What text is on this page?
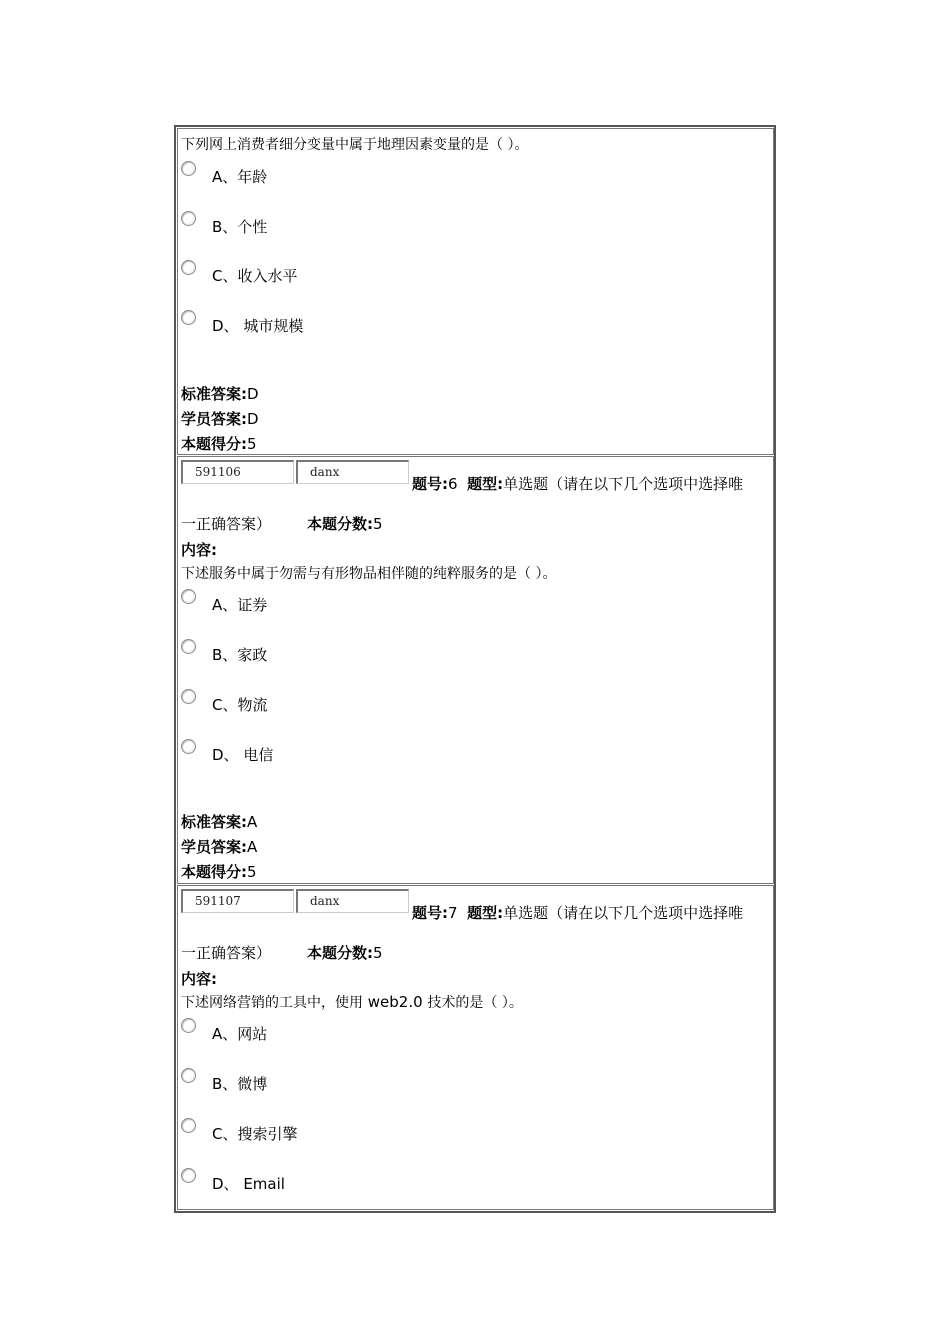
下列网上消费者细分变量中属于地理因素变量的是（ ）。
A、年龄
B、个性
C、收入水平
D、 城市规模
标准答案:D
学员答案:D
本题得分:5
591106	danx
题号:6 题型:单选题（请在以下几个选项中选择唯
一正确答案） 本题分数:5
内容:
下述服务中属于勿需与有形物品相伴随的纯粹服务的是（ ）。
A、证券
B、家政
C、物流
D、 电信
标准答案:A
学员答案:A
本题得分:5
591107	danx
题号:7 题型:单选题（请在以下几个选项中选择唯
一正确答案） 本题分数:5
内容:
下述网络营销的工具中，使用 web2.0 技术的是（ ）。
A、网站
B、微博
C、搜索引擎
D、 Email
